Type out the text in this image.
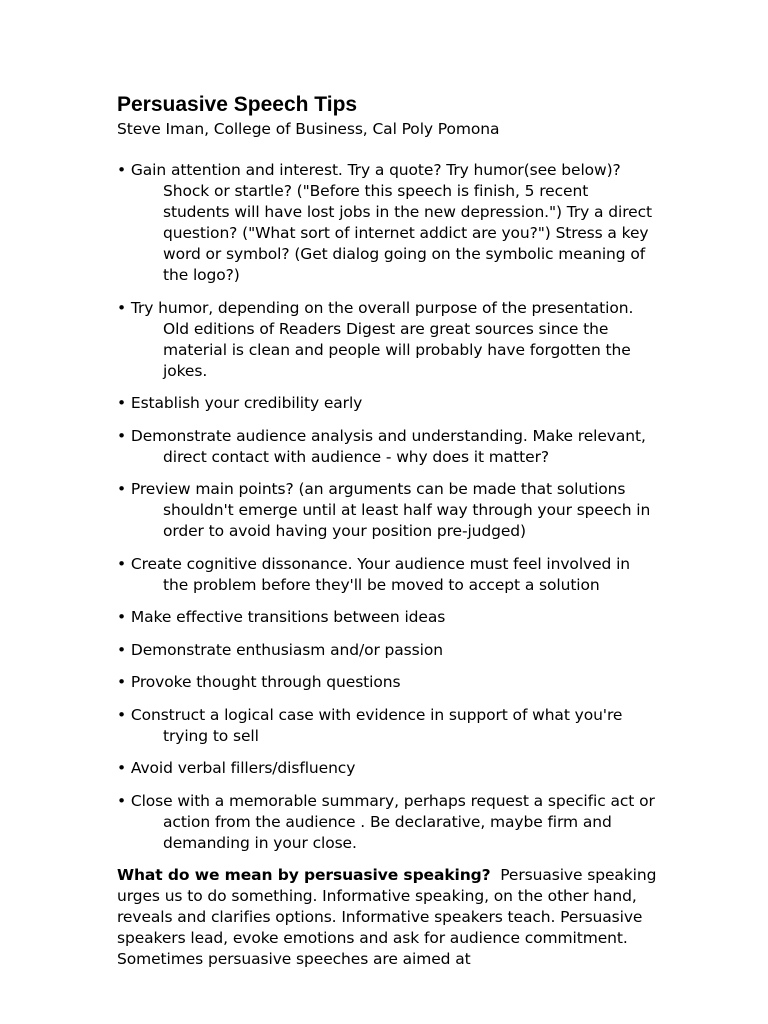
Persuasive Speech Tips
Steve Iman, College of Business, Cal Poly Pomona
• Gain attention and interest. Try a quote? Try humor(see below)? Shock or startle? ("Before this speech is finish, 5 recent students will have lost jobs in the new depression.") Try a direct question? ("What sort of internet addict are you?") Stress a key word or symbol? (Get dialog going on the symbolic meaning of the logo?)
• Try humor, depending on the overall purpose of the presentation. Old editions of Readers Digest are great sources since the material is clean and people will probably have forgotten the jokes.
• Establish your credibility early
• Demonstrate audience analysis and understanding. Make relevant, direct contact with audience - why does it matter?
• Preview main points? (an arguments can be made that solutions shouldn't emerge until at least half way through your speech in order to avoid having your position pre-judged)
• Create cognitive dissonance. Your audience must feel involved in the problem before they'll be moved to accept a solution
• Make effective transitions between ideas
• Demonstrate enthusiasm and/or passion
• Provoke thought through questions
• Construct a logical case with evidence in support of what you're trying to sell
• Avoid verbal fillers/disfluency
• Close with a memorable summary, perhaps request a specific act or action from the audience . Be declarative, maybe firm and demanding in your close.

What do we mean by persuasive speaking? Persuasive speaking urges us to do something. Informative speaking, on the other hand, reveals and clarifies options. Informative speakers teach. Persuasive speakers lead, evoke emotions and ask for audience commitment. Sometimes persuasive speeches are aimed at
